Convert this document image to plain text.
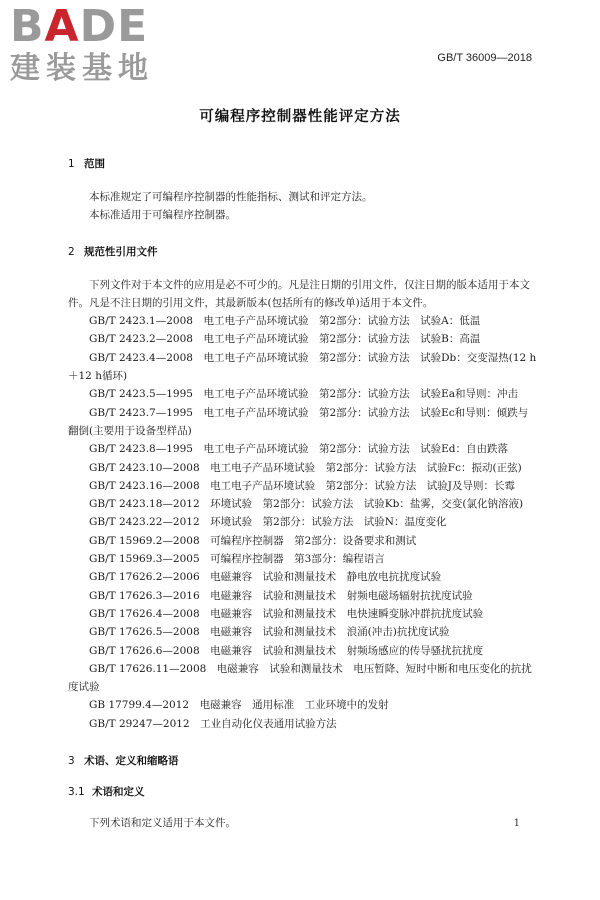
BADE
建装基地	GB/T 36009—2018
可编程序控制器性能评定方法
1 范围

本标准规定了可编程序控制器的性能指标、测试和评定方法。

本标准适用于可编程序控制器。

2 规范性引用文件

下列文件对于本文件的应用是必不可少的。凡是注日期的引用文件，仅注日期的版本适用于本文件。凡是不注日期的引用文件，其最新版本(包括所有的修改单)适用于本文件。

GB/T 2423.1—2008　电工电子产品环境试验　第2部分：试验方法　试验A：低温

GB/T 2423.2—2008　电工电子产品环境试验　第2部分：试验方法　试验B：高温

GB/T 2423.4—2008　电工电子产品环境试验　第2部分：试验方法　试验Db：交变湿热(12 h＋12 h循环)

GB/T 2423.5—1995　电工电子产品环境试验　第2部分：试验方法　试验Ea和导则：冲击

GB/T 2423.7—1995　电工电子产品环境试验　第2部分：试验方法　试验Ec和导则：倾跌与翻倒(主要用于设备型样品)

GB/T 2423.8—1995　电工电子产品环境试验　第2部分：试验方法　试验Ed：自由跌落

GB/T 2423.10—2008　电工电子产品环境试验　第2部分：试验方法　试验Fc：振动(正弦)

GB/T 2423.16—2008　电工电子产品环境试验　第2部分：试验方法　试验J及导则：长霉

GB/T 2423.18—2012　环境试验　第2部分：试验方法　试验Kb：盐雾，交变(氯化钠溶液)

GB/T 2423.22—2012　环境试验　第2部分：试验方法　试验N：温度变化

GB/T 15969.2—2008　可编程序控制器　第2部分：设备要求和测试

GB/T 15969.3—2005　可编程序控制器　第3部分：编程语言

GB/T 17626.2—2006　电磁兼容　试验和测量技术　静电放电抗扰度试验

GB/T 17626.3—2016　电磁兼容　试验和测量技术　射频电磁场辐射抗扰度试验

GB/T 17626.4—2008　电磁兼容　试验和测量技术　电快速瞬变脉冲群抗扰度试验

GB/T 17626.5—2008　电磁兼容　试验和测量技术　浪涌(冲击)抗扰度试验

GB/T 17626.6—2008　电磁兼容　试验和测量技术　射频场感应的传导骚扰抗扰度

GB/T 17626.11—2008　电磁兼容　试验和测量技术　电压暂降、短时中断和电压变化的抗扰度试验

GB 17799.4—2012　电磁兼容　通用标准　工业环境中的发射

GB/T 29247—2012　工业自动化仪表通用试验方法

3 术语、定义和缩略语
3.1 术语和定义

下列术语和定义适用于本文件。	1
